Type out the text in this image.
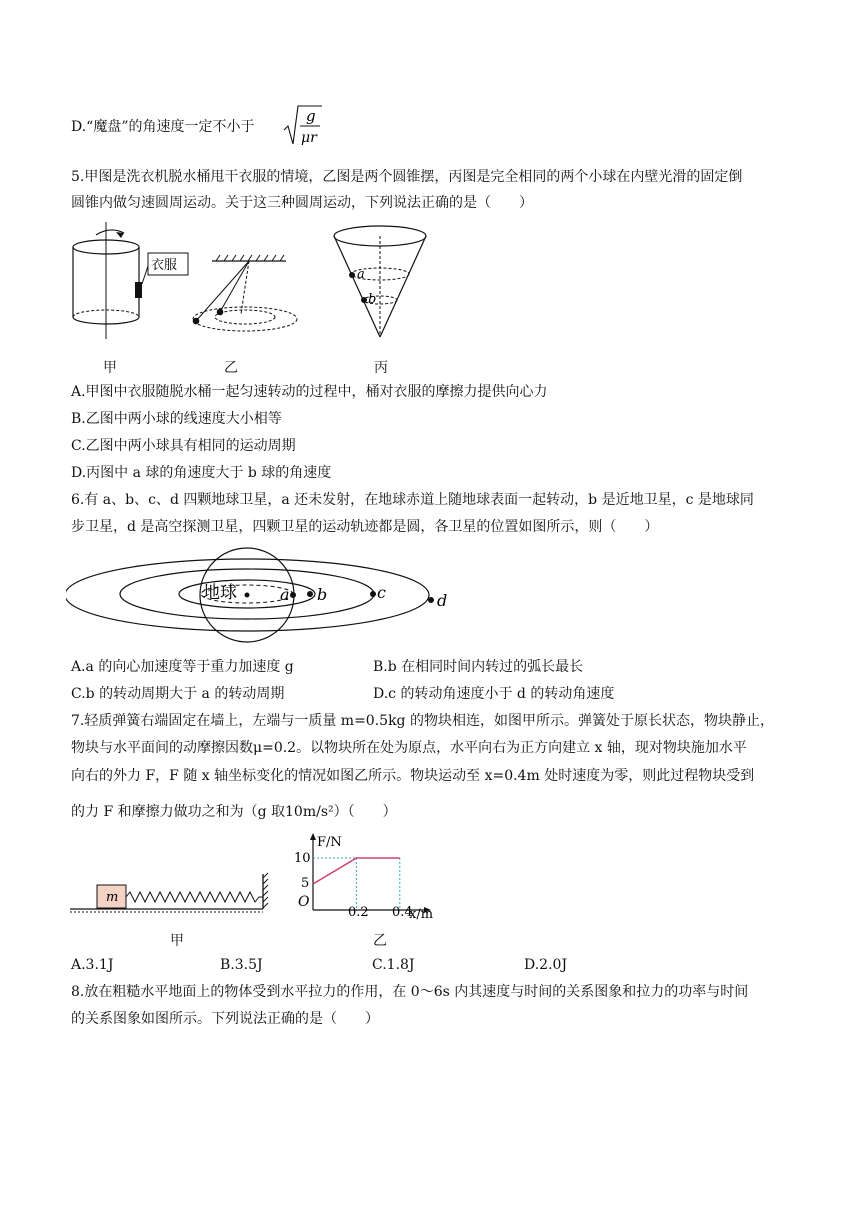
D.“魔盘”的角速度一定不小于
g
μr
5.甲图是洗衣机脱水桶甩干衣服的情境，乙图是两个圆锥摆，丙图是完全相同的两个小球在内壁光滑的固定倒
圆锥内做匀速圆周运动。关于这三种圆周运动，下列说法正确的是（　　）
衣服
a
b
甲	乙	丙
A.甲图中衣服随脱水桶一起匀速转动的过程中，桶对衣服的摩擦力提供向心力
B.乙图中两小球的线速度大小相等
C.乙图中两小球具有相同的运动周期
D.丙图中 a 球的角速度大于 b 球的角速度
6.有 a、b、c、d 四颗地球卫星，a 还未发射，在地球赤道上随地球表面一起转动，b 是近地卫星，c 是地球同
步卫星，d 是高空探测卫星，四颗卫星的运动轨迹都是圆，各卫星的位置如图所示，则（　　）
地球	a b	c	d
A.a 的向心加速度等于重力加速度 g	B.b 在相同时间内转过的弧长最长
C.b 的转动周期大于 a 的转动周期	D.c 的转动角速度小于 d 的转动角速度
7.轻质弹簧右端固定在墙上，左端与一质量 m=0.5kg 的物块相连，如图甲所示。弹簧处于原长状态，物块静止，
物块与水平面间的动摩擦因数μ=0.2。以物块所在处为原点，水平向右为正方向建立 x 轴，现对物块施加水平
向右的外力 F，F 随 x 轴坐标变化的情况如图乙所示。物块运动至 x=0.4m 处时速度为零，则此过程物块受到
的力 F 和摩擦力做功之和为（g 取10m/s²）（　　）
m
F/N
x/m
O
10
5
0.2 0.4
甲	乙
A.3.1J	B.3.5J	C.1.8J	D.2.0J
8.放在粗糙水平地面上的物体受到水平拉力的作用，在 0～6s 内其速度与时间的关系图象和拉力的功率与时间
的关系图象如图所示。下列说法正确的是（　　）
